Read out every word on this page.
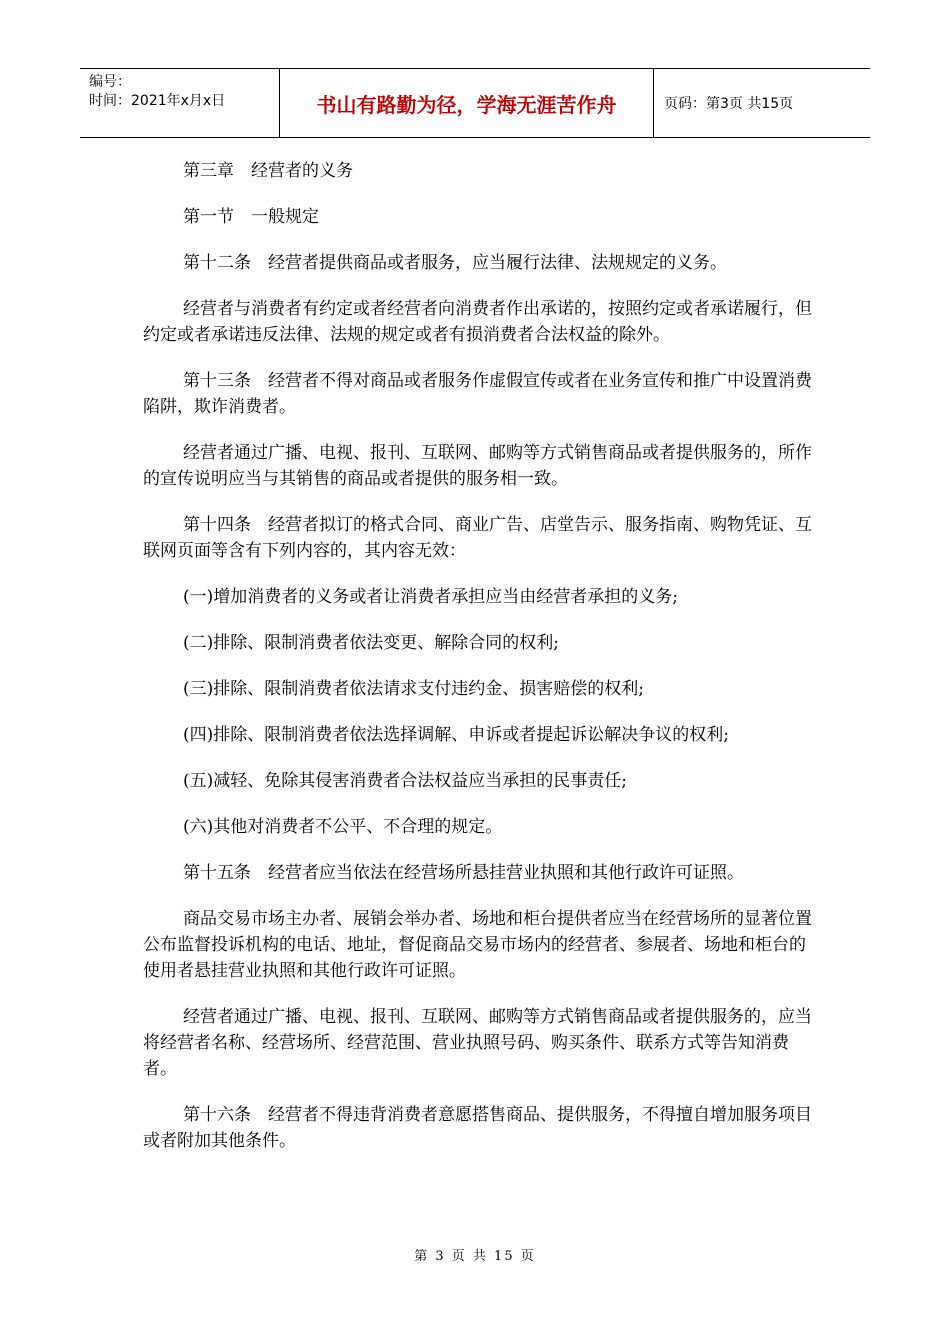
编号：
时间：2021年x月x日	书山有路勤为径，学海无涯苦作舟	页码：第3页 共15页

第三章　经营者的义务

第一节　一般规定

第十二条　经营者提供商品或者服务，应当履行法律、法规规定的义务。

经营者与消费者有约定或者经营者向消费者作出承诺的，按照约定或者承诺履行，但约定或者承诺违反法律、法规的规定或者有损消费者合法权益的除外。

第十三条　经营者不得对商品或者服务作虚假宣传或者在业务宣传和推广中设置消费陷阱，欺诈消费者。

经营者通过广播、电视、报刊、互联网、邮购等方式销售商品或者提供服务的，所作的宣传说明应当与其销售的商品或者提供的服务相一致。

第十四条　经营者拟订的格式合同、商业广告、店堂告示、服务指南、购物凭证、互联网页面等含有下列内容的，其内容无效：

(一)增加消费者的义务或者让消费者承担应当由经营者承担的义务;

(二)排除、限制消费者依法变更、解除合同的权利;

(三)排除、限制消费者依法请求支付违约金、损害赔偿的权利;

(四)排除、限制消费者依法选择调解、申诉或者提起诉讼解决争议的权利;

(五)减轻、免除其侵害消费者合法权益应当承担的民事责任;

(六)其他对消费者不公平、不合理的规定。

第十五条　经营者应当依法在经营场所悬挂营业执照和其他行政许可证照。

商品交易市场主办者、展销会举办者、场地和柜台提供者应当在经营场所的显著位置公布监督投诉机构的电话、地址，督促商品交易市场内的经营者、参展者、场地和柜台的使用者悬挂营业执照和其他行政许可证照。

经营者通过广播、电视、报刊、互联网、邮购等方式销售商品或者提供服务的，应当将经营者名称、经营场所、经营范围、营业执照号码、购买条件、联系方式等告知消费者。

第十六条　经营者不得违背消费者意愿搭售商品、提供服务，不得擅自增加服务项目或者附加其他条件。

第 3 页 共 15 页
